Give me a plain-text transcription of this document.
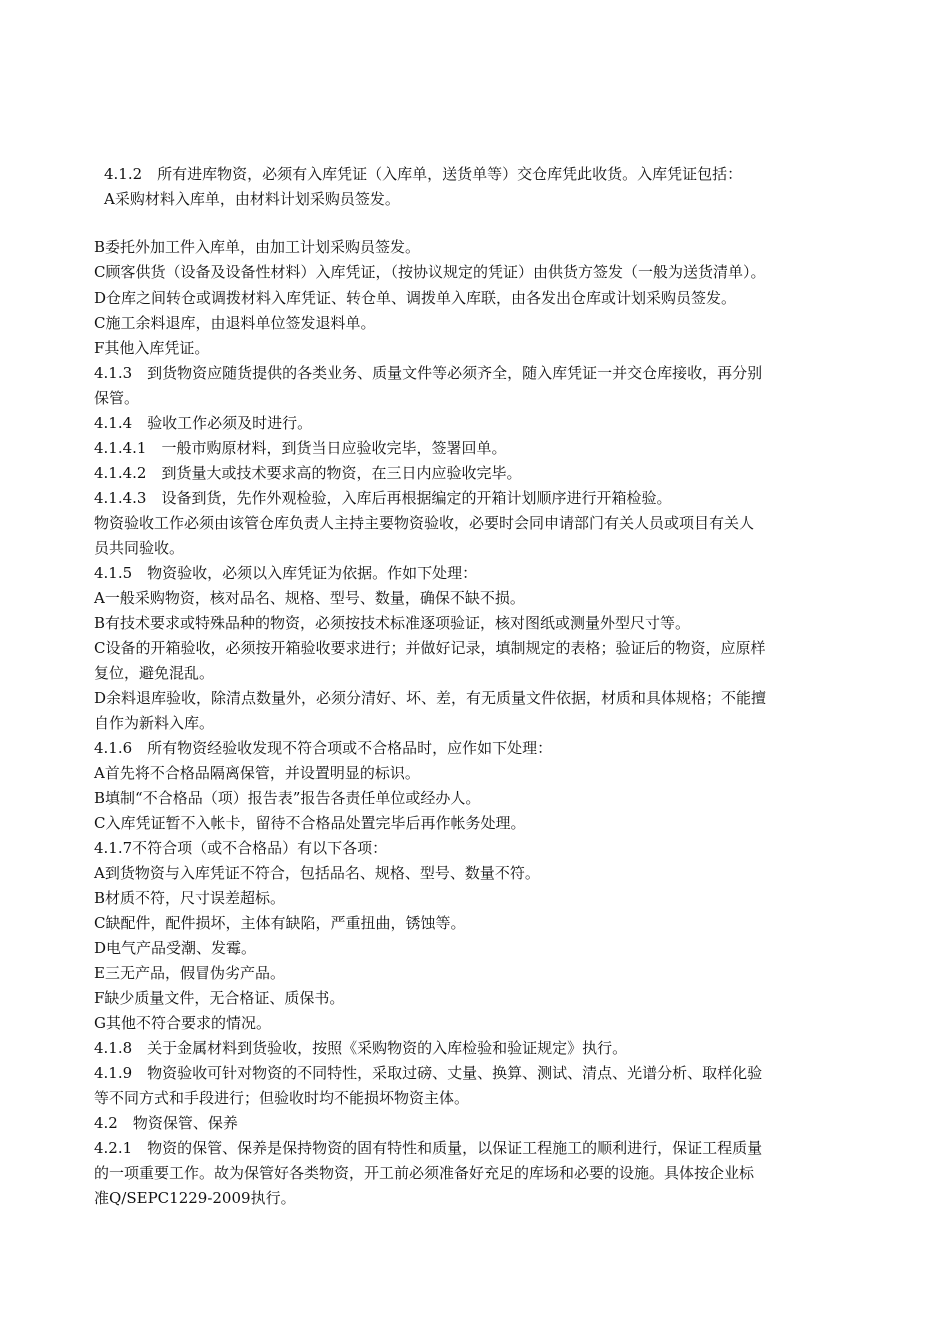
4.1.2　所有进库物资，必须有入库凭证（入库单，送货单等）交仓库凭此收货。入库凭证包括：
A采购材料入库单，由材料计划采购员签发。
B委托外加工件入库单，由加工计划采购员签发。
C顾客供货（设备及设备性材料）入库凭证，（按协议规定的凭证）由供货方签发（一般为送货清单）。
D仓库之间转仓或调拨材料入库凭证、转仓单、调拨单入库联，由各发出仓库或计划采购员签发。
C施工余料退库，由退料单位签发退料单。
F其他入库凭证。
4.1.3　到货物资应随货提供的各类业务、质量文件等必须齐全，随入库凭证一并交仓库接收，再分别
保管。
4.1.4　验收工作必须及时进行。
4.1.4.1　一般市购原材料，到货当日应验收完毕，签署回单。
4.1.4.2　到货量大或技术要求高的物资，在三日内应验收完毕。
4.1.4.3　设备到货，先作外观检验，入库后再根据编定的开箱计划顺序进行开箱检验。
物资验收工作必须由该管仓库负责人主持主要物资验收，必要时会同申请部门有关人员或项目有关人
员共同验收。
4.1.5　物资验收，必须以入库凭证为依据。作如下处理：
A一般采购物资，核对品名、规格、型号、数量，确保不缺不损。
B有技术要求或特殊品种的物资，必须按技术标准逐项验证，核对图纸或测量外型尺寸等。
C设备的开箱验收，必须按开箱验收要求进行；并做好记录，填制规定的表格；验证后的物资，应原样
复位，避免混乱。
D余料退库验收，除清点数量外，必须分清好、坏、差，有无质量文件依据，材质和具体规格；不能擅
自作为新料入库。
4.1.6　所有物资经验收发现不符合项或不合格品时，应作如下处理：
A首先将不合格品隔离保管，并设置明显的标识。
B填制“不合格品（项）报告表”报告各责任单位或经办人。
C入库凭证暂不入帐卡，留待不合格品处置完毕后再作帐务处理。
4.1.7不符合项（或不合格品）有以下各项：
A到货物资与入库凭证不符合，包括品名、规格、型号、数量不符。
B材质不符，尺寸误差超标。
C缺配件，配件损坏，主体有缺陷，严重扭曲，锈蚀等。
D电气产品受潮、发霉。
E三无产品，假冒伪劣产品。
F缺少质量文件，无合格证、质保书。
G其他不符合要求的情况。
4.1.8　关于金属材料到货验收，按照《采购物资的入库检验和验证规定》执行。
4.1.9　物资验收可针对物资的不同特性，采取过磅、丈量、换算、测试、清点、光谱分析、取样化验
等不同方式和手段进行；但验收时均不能损坏物资主体。
4.2　物资保管、保养
4.2.1　物资的保管、保养是保持物资的固有特性和质量，以保证工程施工的顺利进行，保证工程质量
的一项重要工作。故为保管好各类物资，开工前必须准备好充足的库场和必要的设施。具体按企业标
准Q/SEPC1229-2009执行。
